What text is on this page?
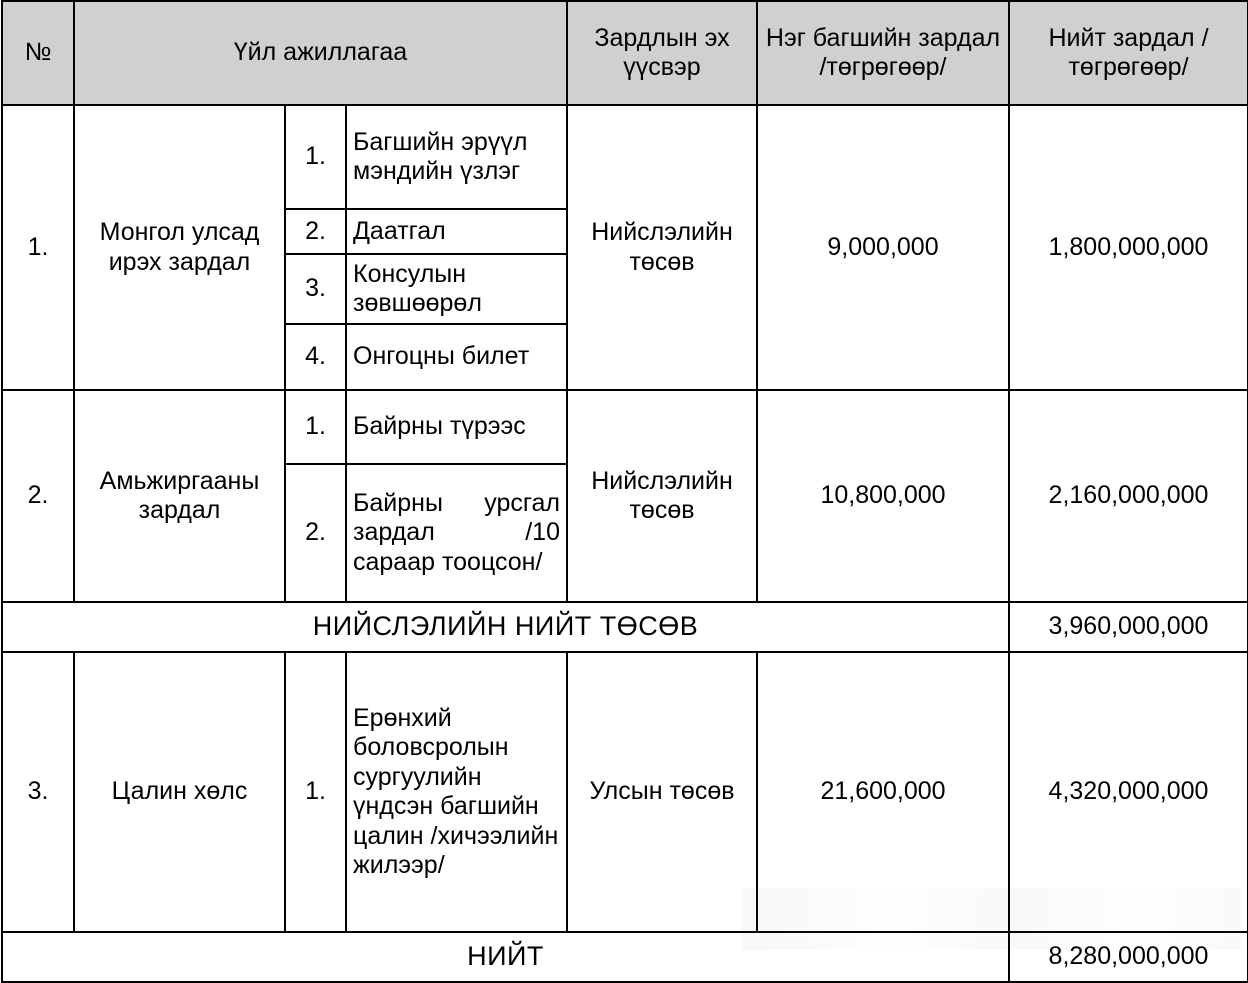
№	Үйл ажиллагаа			Зардлын эх үүсвэр	Нэг багшийн зардал /төгрөгөөр/	Нийт зардал /төгрөгөөр/
1.	Монгол улсад ирэх зардал	1.	Багшийн эрүүл мэндийн үзлэг	Нийслэлийн төсөв	9,000,000	1,800,000,000
		2.	Даатгал			
		3.	Консулын зөвшөөрөл			
		4.	Онгоцны билет			
2.	Амьжиргааны зардал	1.	Байрны түрээс	Нийслэлийн төсөв	10,800,000	2,160,000,000
		2.	Байрны урсгал зардал /10 сараар тооцсон/			
НИЙСЛЭЛИЙН НИЙТ ТӨСӨВ						3,960,000,000
3.	Цалин хөлс	1.	Ерөнхий боловсролын сургуулийн үндсэн багшийн цалин /хичээлийн жилээр/	Улсын төсөв	21,600,000	4,320,000,000
НИЙТ						8,280,000,000
